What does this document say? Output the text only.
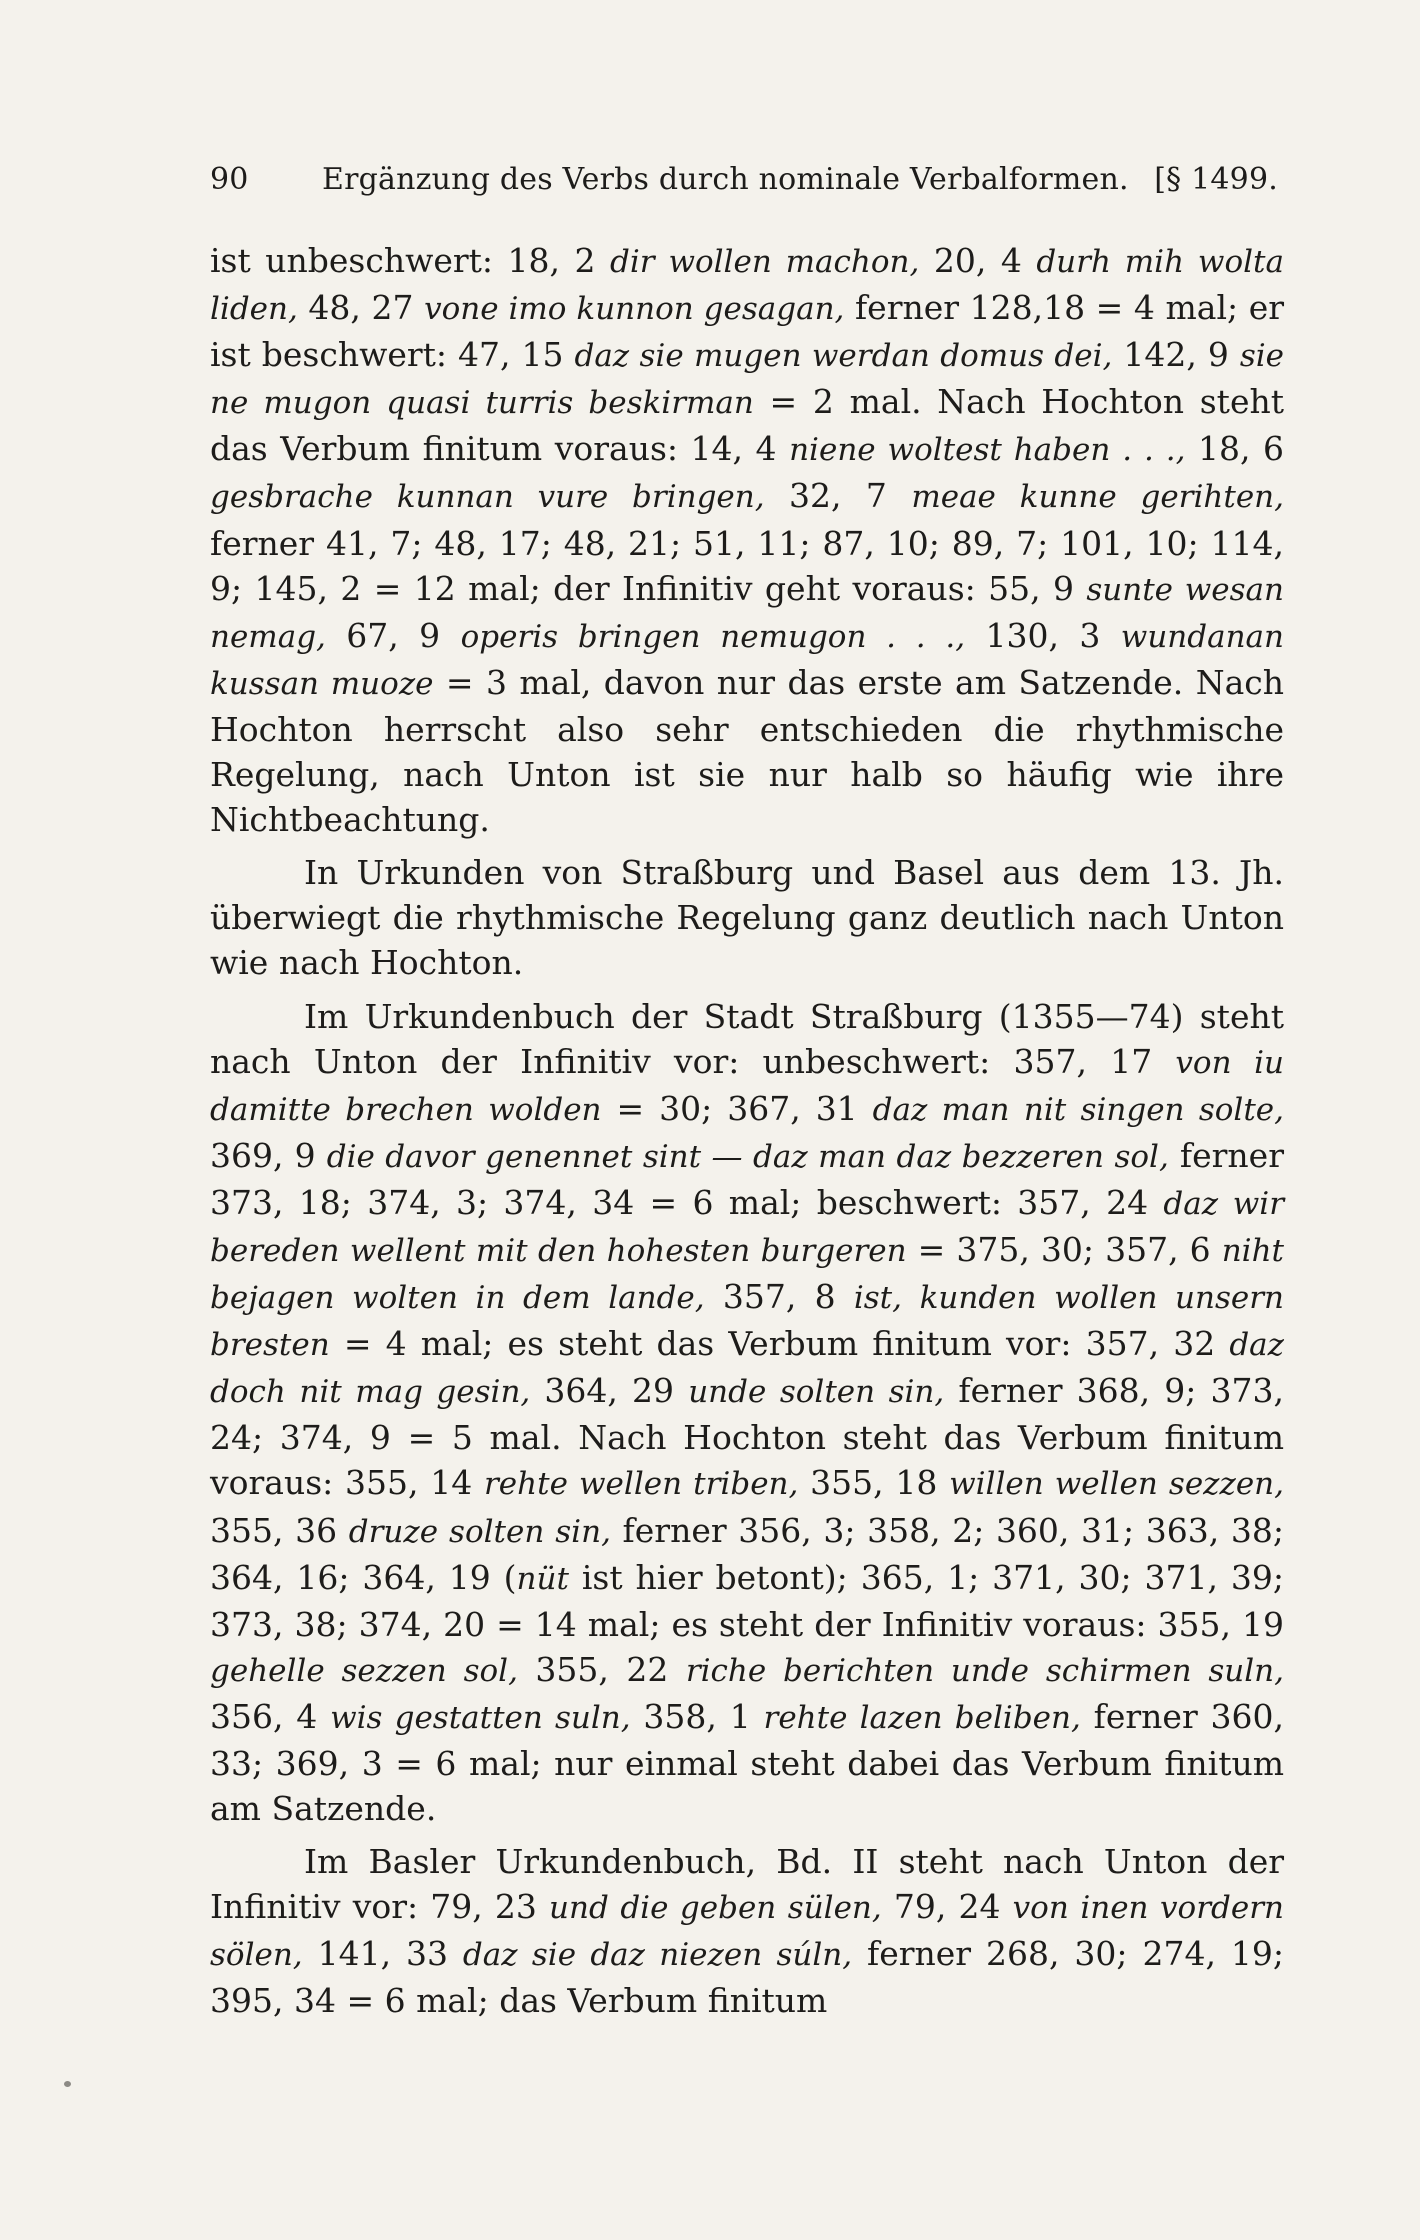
90 Ergänzung des Verbs durch nominale Verbalformen. [§ 1499.

ist unbeschwert: 18, 2 dir wollen machon, 20, 4 durh mih wolta liden, 48, 27 vone imo kunnon gesagan, ferner 128,18 = 4 mal; er ist beschwert: 47, 15 daz sie mugen werdan domus dei, 142, 9 sie ne mugon quasi turris beskirman = 2 mal. Nach Hochton steht das Verbum finitum voraus: 14, 4 niene woltest haben . . ., 18, 6 gesbrache kunnan vure bringen, 32, 7 meae kunne gerihten, ferner 41, 7; 48, 17; 48, 21; 51, 11; 87, 10; 89, 7; 101, 10; 114, 9; 145, 2 = 12 mal; der Infinitiv geht voraus: 55, 9 sunte wesan nemag, 67, 9 operis bringen nemugon . . ., 130, 3 wundanan kussan muoze = 3 mal, davon nur das erste am Satzende. Nach Hochton herrscht also sehr entschieden die rhythmische Regelung, nach Unton ist sie nur halb so häufig wie ihre Nichtbeachtung.

In Urkunden von Straßburg und Basel aus dem 13. Jh. überwiegt die rhythmische Regelung ganz deutlich nach Unton wie nach Hochton.

Im Urkundenbuch der Stadt Straßburg (1355—74) steht nach Unton der Infinitiv vor: unbeschwert: 357, 17 von iu damitte brechen wolden = 30; 367, 31 daz man nit singen solte, 369, 9 die davor genennet sint — daz man daz bezzeren sol, ferner 373, 18; 374, 3; 374, 34 = 6 mal; beschwert: 357, 24 daz wir bereden wellent mit den hohesten burgeren = 375, 30; 357, 6 niht bejagen wolten in dem lande, 357, 8 ist, kunden wollen unsern bresten = 4 mal; es steht das Verbum finitum vor: 357, 32 daz doch nit mag gesin, 364, 29 unde solten sin, ferner 368, 9; 373, 24; 374, 9 = 5 mal. Nach Hochton steht das Verbum finitum voraus: 355, 14 rehte wellen triben, 355, 18 willen wellen sezzen, 355, 36 druze solten sin, ferner 356, 3; 358, 2; 360, 31; 363, 38; 364, 16; 364, 19 (nüt ist hier betont); 365, 1; 371, 30; 371, 39; 373, 38; 374, 20 = 14 mal; es steht der Infinitiv voraus: 355, 19 gehelle sezzen sol, 355, 22 riche berichten unde schirmen suln, 356, 4 wis gestatten suln, 358, 1 rehte lazen beliben, ferner 360, 33; 369, 3 = 6 mal; nur einmal steht dabei das Verbum finitum am Satzende.

Im Basler Urkundenbuch, Bd. II steht nach Unton der Infinitiv vor: 79, 23 und die geben sülen, 79, 24 von inen vordern sölen, 141, 33 daz sie daz niezen súln, ferner 268, 30; 274, 19; 395, 34 = 6 mal; das Verbum finitum
